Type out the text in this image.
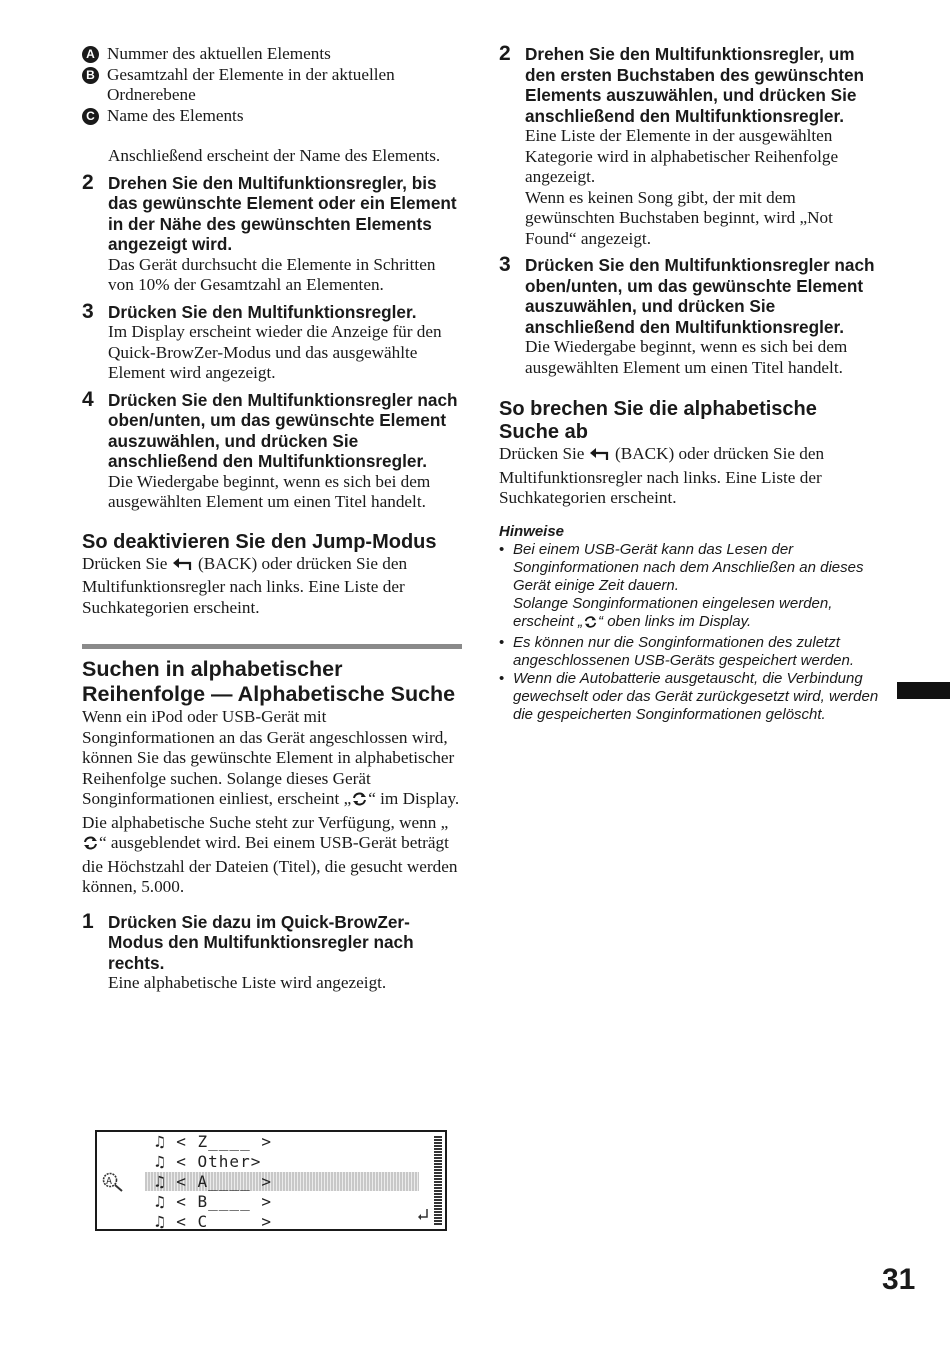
A Nummer des aktuellen Elements
B Gesamtzahl der Elemente in der aktuellen Ordnerebene
C Name des Elements
Anschließend erscheint der Name des Elements.
2 Drehen Sie den Multifunktionsregler, bis das gewünschte Element oder ein Element in der Nähe des gewünschten Elements angezeigt wird.
Das Gerät durchsucht die Elemente in Schritten von 10% der Gesamtzahl an Elementen.
3 Drücken Sie den Multifunktionsregler.
Im Display erscheint wieder die Anzeige für den Quick-BrowZer-Modus und das ausgewählte Element wird angezeigt.
4 Drücken Sie den Multifunktionsregler nach oben/unten, um das gewünschte Element auszuwählen, und drücken Sie anschließend den Multifunktionsregler.
Die Wiedergabe beginnt, wenn es sich bei dem ausgewählten Element um einen Titel handelt.
So deaktivieren Sie den Jump-Modus
Drücken Sie (BACK) oder drücken Sie den Multifunktionsregler nach links. Eine Liste der Suchkategorien erscheint.
Suchen in alphabetischer Reihenfolge — Alphabetische Suche
Wenn ein iPod oder USB-Gerät mit Songinformationen an das Gerät angeschlossen wird, können Sie das gewünschte Element in alphabetischer Reihenfolge suchen. Solange dieses Gerät Songinformationen einliest, erscheint „ “ im Display. Die alphabetische Suche steht zur Verfügung, wenn „“ ausgeblendet wird. Bei einem USB-Gerät beträgt die Höchstzahl der Dateien (Titel), die gesucht werden können, 5.000.
1 Drücken Sie dazu im Quick-BrowZer-Modus den Multifunktionsregler nach rechts.
Eine alphabetische Liste wird angezeigt.
♫ < Z____ >
♫ < Other>
♫ < A____ >
♫ < B____ >
♫ < C____ >
A
2 Drehen Sie den Multifunktionsregler, um den ersten Buchstaben des gewünschten Elements auszuwählen, und drücken Sie anschließend den Multifunktionsregler.
Eine Liste der Elemente in der ausgewählten Kategorie wird in alphabetischer Reihenfolge angezeigt.
Wenn es keinen Song gibt, der mit dem gewünschten Buchstaben beginnt, wird „Not Found“ angezeigt.
3 Drücken Sie den Multifunktionsregler nach oben/unten, um das gewünschte Element auszuwählen, und drücken Sie anschließend den Multifunktionsregler.
Die Wiedergabe beginnt, wenn es sich bei dem ausgewählten Element um einen Titel handelt.
So brechen Sie die alphabetische Suche ab
Drücken Sie (BACK) oder drücken Sie den Multifunktionsregler nach links. Eine Liste der Suchkategorien erscheint.
Hinweise
• Bei einem USB-Gerät kann das Lesen der Songinformationen nach dem Anschließen an dieses Gerät einige Zeit dauern.
Solange Songinformationen eingelesen werden, erscheint „ “ oben links im Display.
• Es können nur die Songinformationen des zuletzt angeschlossenen USB-Geräts gespeichert werden.
• Wenn die Autobatterie ausgetauscht, die Verbindung gewechselt oder das Gerät zurückgesetzt wird, werden die gespeicherten Songinformationen gelöscht.
31
